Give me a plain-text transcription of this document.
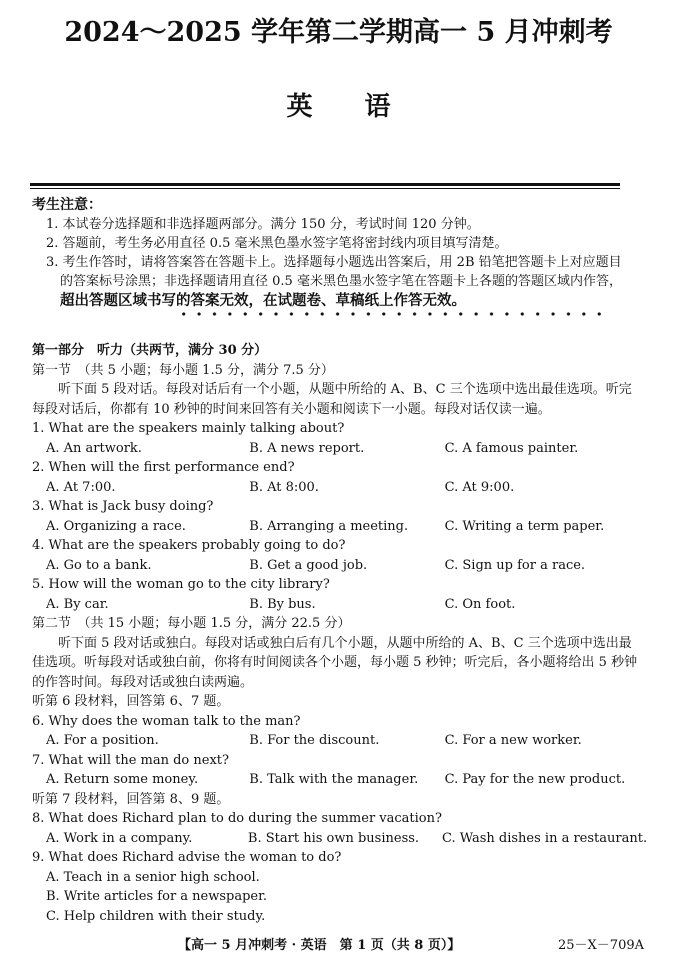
2024～2025 学年第二学期高一 5 月冲刺考
英语
考生注意：
1. 本试卷分选择题和非选择题两部分。满分 150 分，考试时间 120 分钟。
2. 答题前，考生务必用直径 0.5 毫米黑色墨水签字笔将密封线内项目填写清楚。
3. 考生作答时，请将答案答在答题卡上。选择题每小题选出答案后，用 2B 铅笔把答题卡上对应题目的答案标号涂黑；非选择题请用直径 0.5 毫米黑色墨水签字笔在答题卡上各题的答题区域内作答，超出答题区域书写的答案无效，在试题卷、草稿纸上作答无效。

第一部分　听力（共两节，满分 30 分）

第一节　（共 5 小题；每小题 1.5 分，满分 7.5 分）

听下面 5 段对话。每段对话后有一个小题，从题中所给的 A、B、C 三个选项中选出最佳选项。听完每段对话后，你都有 10 秒钟的时间来回答有关小题和阅读下一小题。每段对话仅读一遍。

1. What are the speakers mainly talking about?

A. An artwork.	B. A news report.	C. A famous painter.

2. When will the first performance end?

A. At 7:00.	B. At 8:00.	C. At 9:00.

3. What is Jack busy doing?

A. Organizing a race.	B. Arranging a meeting.	C. Writing a term paper.

4. What are the speakers probably going to do?

A. Go to a bank.	B. Get a good job.	C. Sign up for a race.

5. How will the woman go to the city library?

A. By car.	B. By bus.	C. On foot.

第二节　（共 15 小题；每小题 1.5 分，满分 22.5 分）

听下面 5 段对话或独白。每段对话或独白后有几个小题，从题中所给的 A、B、C 三个选项中选出最佳选项。听每段对话或独白前，你将有时间阅读各个小题，每小题 5 秒钟；听完后，各小题将给出 5 秒钟的作答时间。每段对话或独白读两遍。

听第 6 段材料，回答第 6、7 题。

6. Why does the woman talk to the man?

A. For a position.	B. For the discount.	C. For a new worker.

7. What will the man do next?

A. Return some money.	B. Talk with the manager.	C. Pay for the new product.

听第 7 段材料，回答第 8、9 题。

8. What does Richard plan to do during the summer vacation?

A. Work in a company.	B. Start his own business.	C. Wash dishes in a restaurant.

9. What does Richard advise the woman to do?

A. Teach in a senior high school.

B. Write articles for a newspaper.

C. Help children with their study.

【高一 5 月冲刺考 · 英语　第 1 页（共 8 页）】	25－X－709A
